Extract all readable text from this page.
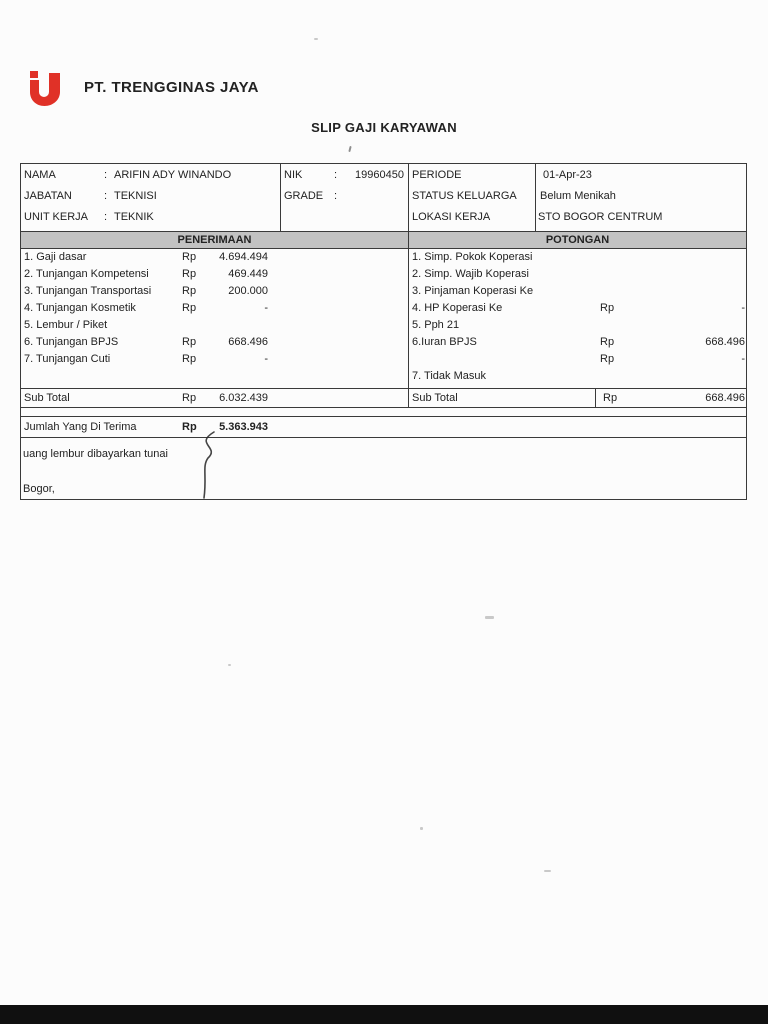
PT. TRENGGINAS JAYA
SLIP GAJI KARYAWAN
NAMA	: ARIFIN ADY WINANDO
JABATAN	: TEKNISI
UNIT KERJA : TEKNIK
NIK	:	19960450
GRADE :
PERIODE	01-Apr-23
STATUS KELUARGA Belum Menikah
LOKASI KERJA	STO BOGOR CENTRUM
PENERIMAAN	POTONGAN
1. Gaji dasar	Rp	4.694.494
2. Tunjangan Kompetensi	Rp	469.449
3. Tunjangan Transportasi	Rp	200.000
4. Tunjangan Kosmetik	Rp	-
5. Lembur / Piket
6. Tunjangan BPJS	Rp	668.496
7. Tunjangan Cuti	Rp	-
1. Simp. Pokok Koperasi
2. Simp. Wajib Koperasi
3. Pinjaman Koperasi Ke
4. HP Koperasi Ke	Rp	-
5. Pph 21
6.Iuran BPJS	Rp	668.496
Rp	-
7. Tidak Masuk
Sub Total	Rp	6.032.439	Sub Total	Rp	668.496
Jumlah Yang Di Terima	Rp	5.363.943
uang lembur dibayarkan tunai
Bogor,
